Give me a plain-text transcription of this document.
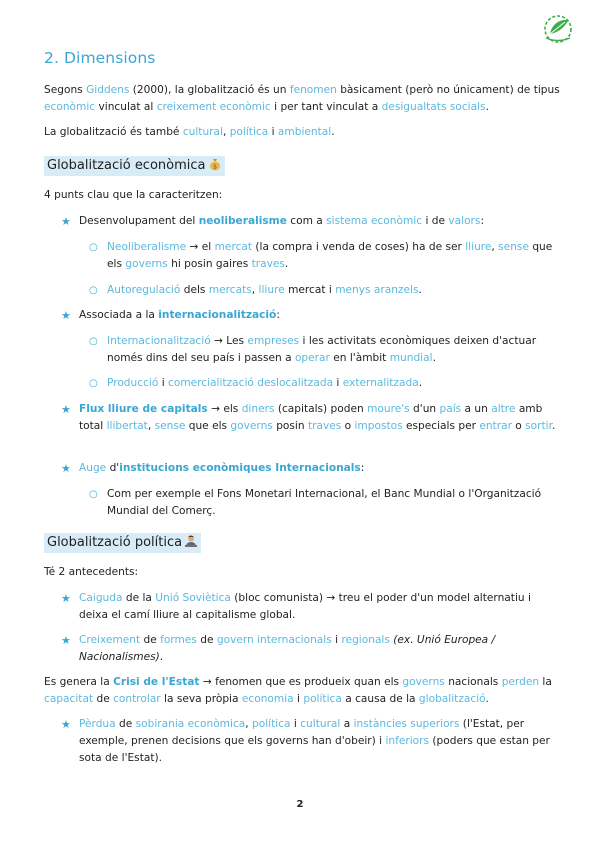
2. Dimensions

Segons Giddens (2000), la globalització és un fenomen bàsicament (però no únicament) de tipus econòmic vinculat al creixement econòmic i per tant vinculat a desigualtats socials.

La globalització és també cultural, política i ambiental.

Globalització econòmica $

4 punts clau que la caracteritzen:

★ Desenvolupament del neoliberalisme com a sistema econòmic i de valors:

○ Neoliberalisme → el mercat (la compra i venda de coses) ha de ser lliure, sense que els governs hi posin gaires traves.

○ Autoregulació dels mercats, lliure mercat i menys aranzels.

★ Associada a la internacionalització:

○ Internacionalització → Les empreses i les activitats econòmiques deixen d'actuar només dins del seu país i passen a operar en l'àmbit mundial.

○ Producció i comercialització deslocalitzada i externalitzada.

★ Flux lliure de capitals → els diners (capitals) poden moure's d'un país a un altre amb total llibertat, sense que els governs posin traves o impostos especials per entrar o sortir.

★ Auge d'institucions econòmiques Internacionals:

○ Com per exemple el Fons Monetari Internacional, el Banc Mundial o l'Organització Mundial del Comerç.

Globalització política

Té 2 antecedents:

★ Caiguda de la Unió Soviètica (bloc comunista) → treu el poder d'un model alternatiu i deixa el camí lliure al capitalisme global.

★ Creixement de formes de govern internacionals i regionals (ex. Unió Europea / Nacionalismes).

Es genera la Crisi de l'Estat → fenomen que es produeix quan els governs nacionals perden la capacitat de controlar la seva pròpia economia i política a causa de la globalització.

★ Pèrdua de sobirania econòmica, política i cultural a instàncies superiors (l'Estat, per exemple, prenen decisions que els governs han d'obeir) i inferiors (poders que estan per sota de l'Estat).

2
